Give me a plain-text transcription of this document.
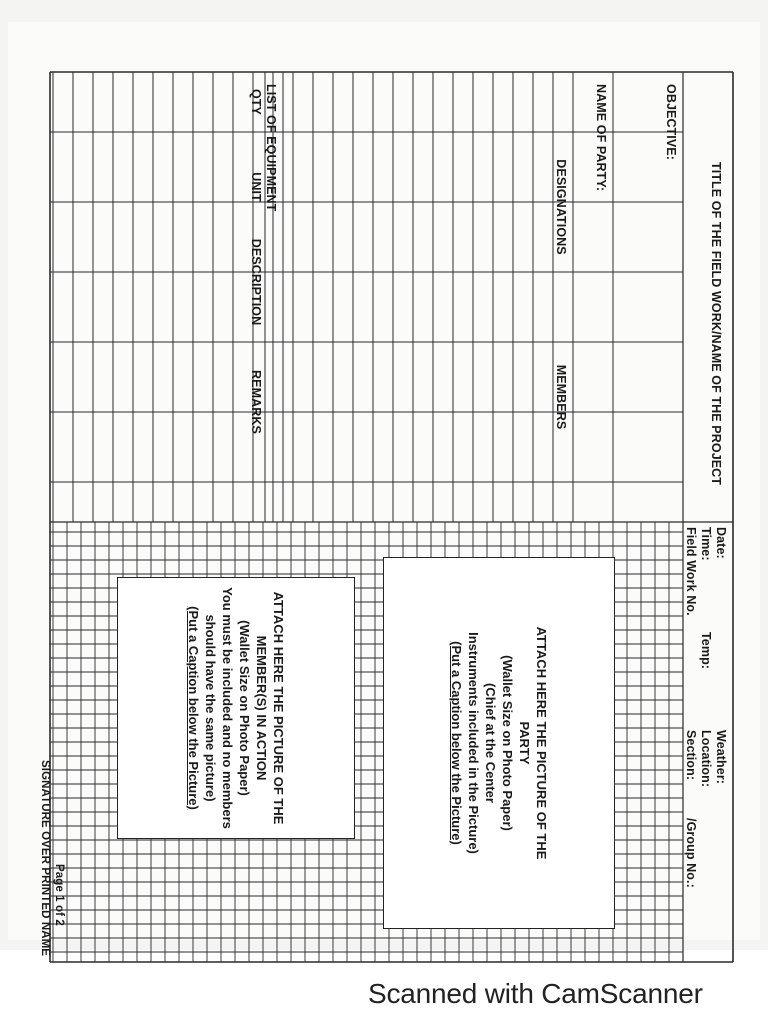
TITLE OF THE FIELD WORK/NAME OF THE PROJECT
Date:
Time:
Temp:
Field Work No.
Weather:
Location:
Section:
/Group No.:
OBJECTIVE:
NAME OF PARTY:
DESIGNATIONS
MEMBERS
LIST OF EQUIPMENT
QTY
UNIT
DESCRIPTION
REMARKS
ATTACH HERE THE PICTURE OF THE
PARTY
(Wallet Size on Photo Paper)
(Chief at the Center
Instruments included in the Picture)
(Put a Caption below the Picture)
ATTACH HERE THE PICTURE OF THE
MEMBER(S) IN ACTION
(Wallet Size on Photo Paper)
You must be included and no members
should have the same picture)
(Put a Caption below the Picture)
Page 1 of 2
SIGNATURE OVER PRINTED NAME
Scanned with CamScanner
